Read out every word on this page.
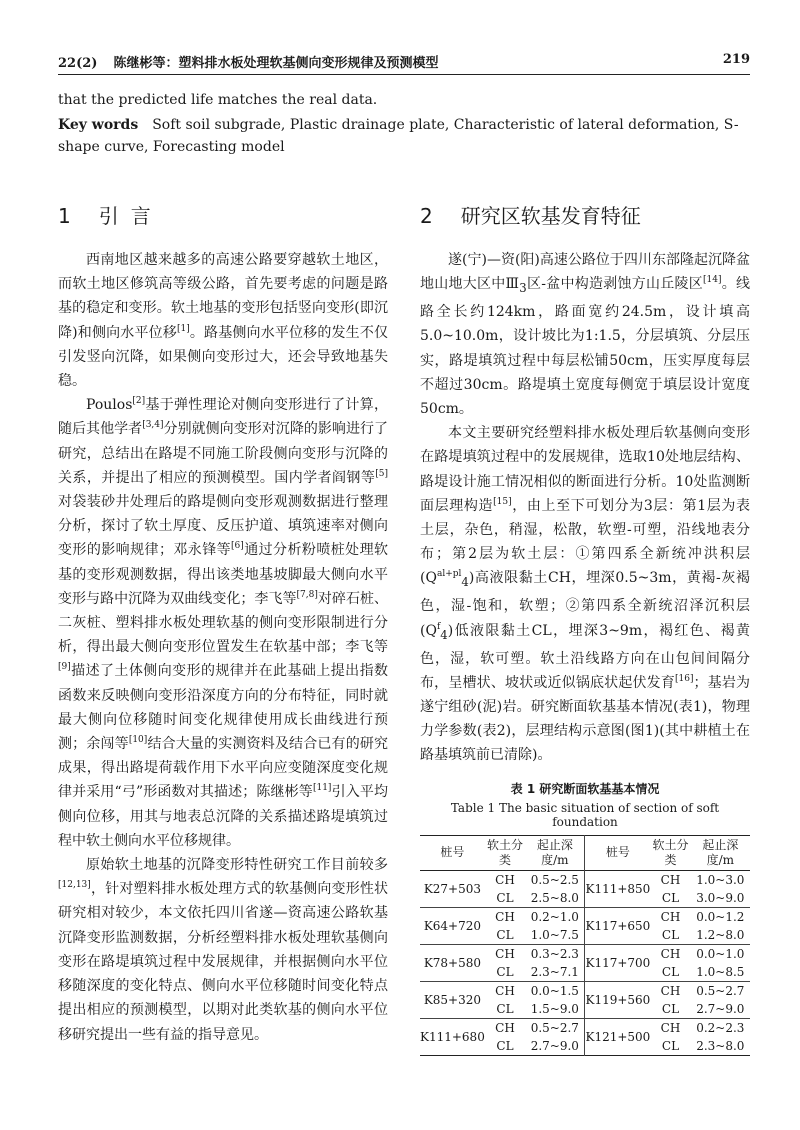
22(2) 陈继彬等：塑料排水板处理软基侧向变形规律及预测模型	219
that the predicted life matches the real data.
Key words Soft soil subgrade, Plastic drainage plate, Characteristic of lateral deformation, S-shape curve, Forecasting model
1 引言

西南地区越来越多的高速公路要穿越软土地区，而软土地区修筑高等级公路，首先要考虑的问题是路基的稳定和变形。软土地基的变形包括竖向变形(即沉降)和侧向水平位移[1]。路基侧向水平位移的发生不仅引发竖向沉降，如果侧向变形过大，还会导致地基失稳。

Poulos[2]基于弹性理论对侧向变形进行了计算，随后其他学者[3,4]分别就侧向变形对沉降的影响进行了研究，总结出在路堤不同施工阶段侧向变形与沉降的关系，并提出了相应的预测模型。国内学者阎钢等[5]对袋装砂井处理后的路堤侧向变形观测数据进行整理分析，探讨了软土厚度、反压护道、填筑速率对侧向变形的影响规律；邓永锋等[6]通过分析粉喷桩处理软基的变形观测数据，得出该类地基坡脚最大侧向水平变形与路中沉降为双曲线变化；李飞等[7,8]对碎石桩、二灰桩、塑料排水板处理软基的侧向变形限制进行分析，得出最大侧向变形位置发生在软基中部；李飞等[9]描述了土体侧向变形的规律并在此基础上提出指数函数来反映侧向变形沿深度方向的分布特征，同时就最大侧向位移随时间变化规律使用成长曲线进行预测；余闯等[10]结合大量的实测资料及结合已有的研究成果，得出路堤荷载作用下水平向应变随深度变化规律并采用“弓”形函数对其描述；陈继彬等[11]引入平均侧向位移，用其与地表总沉降的关系描述路堤填筑过程中软土侧向水平位移规律。

原始软土地基的沉降变形特性研究工作目前较多[12,13]，针对塑料排水板处理方式的软基侧向变形性状研究相对较少，本文依托四川省遂—资高速公路软基沉降变形监测数据，分析经塑料排水板处理软基侧向变形在路堤填筑过程中发展规律，并根据侧向水平位移随深度的变化特点、侧向水平位移随时间变化特点提出相应的预测模型，以期对此类软基的侧向水平位移研究提出一些有益的指导意见。

2 研究区软基发育特征

遂(宁)—资(阳)高速公路位于四川东部隆起沉降盆地山地大区中$Ⅲ_3$区-盆中构造剥蚀方山丘陵区[14]。线路全长约124km，路面宽约24.5m，设计填高5.0~10.0m，设计坡比为1:1.5，分层填筑、分层压实，路堤填筑过程中每层松铺50cm，压实厚度每层不超过30cm。路堤填土宽度每侧宽于填层设计宽度50cm。

本文主要研究经塑料排水板处理后软基侧向变形在路堤填筑过程中的发展规律，选取10处地层结构、路堤设计施工情况相似的断面进行分析。10处监测断面层理构造[15]，由上至下可划分为3层：第1层为表土层，杂色，稍湿，松散，软塑-可塑，沿线地表分布；第2层为软土层：①第四系全新统冲洪积层$(Q^{al+pl}_4)$高液限黏土CH，埋深0.5~3m，黄褐-灰褐色，湿-饱和，软塑；②第四系全新统沼泽沉积层$(Q^f_4)$低液限黏土CL，埋深3~9m，褐红色、褐黄色，湿，软可塑。软土沿线路方向在山包间间隔分布，呈槽状、坡状或近似锅底状起伏发育[16]；基岩为遂宁组砂(泥)岩。研究断面软基基本情况(表1)，物理力学参数(表2)，层理结构示意图(图1)(其中耕植土在路基填筑前已清除)。

表 1 研究断面软基基本情况
Table 1 The basic situation of section of soft foundation
桩号	软土分类	起止深度/m	桩号	软土分类	起止深度/m
K27+503	CH	0.5~2.5	K111+850	CH	1.0~3.0
	CL	2.5~8.0		CL	3.0~9.0
K64+720	CH	0.2~1.0	K117+650	CH	0.0~1.2
	CL	1.0~7.5		CL	1.2~8.0
K78+580	CH	0.3~2.3	K117+700	CH	0.0~1.0
	CL	2.3~7.1		CL	1.0~8.5
K85+320	CH	0.0~1.5	K119+560	CH	0.5~2.7
	CL	1.5~9.0		CL	2.7~9.0
K111+680	CH	0.5~2.7	K121+500	CH	0.2~2.3
	CL	2.7~9.0		CL	2.3~8.0
